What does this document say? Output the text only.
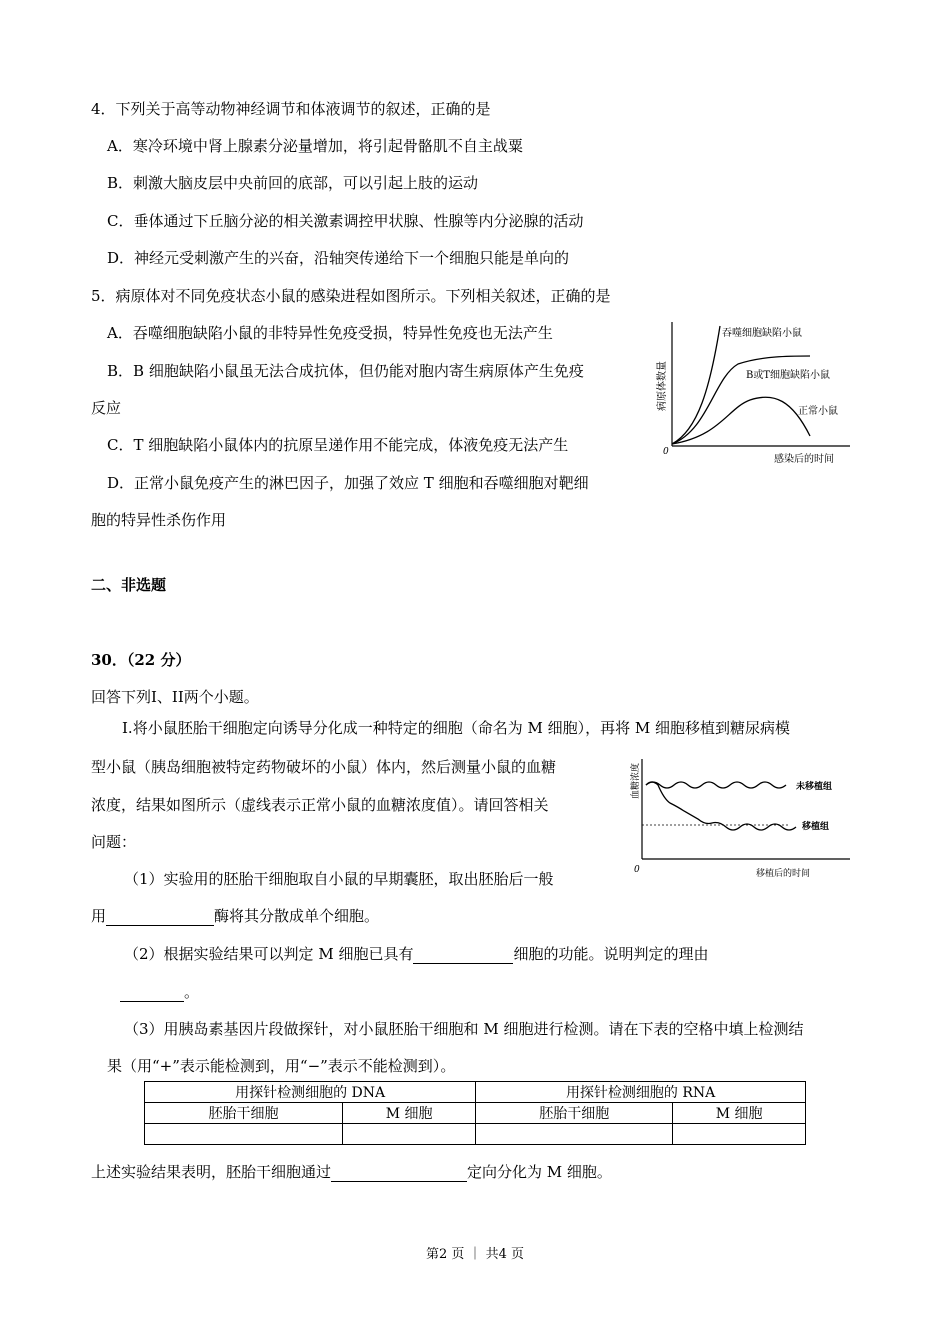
4．下列关于高等动物神经调节和体液调节的叙述，正确的是
A．寒冷环境中肾上腺素分泌量增加，将引起骨骼肌不自主战粟
B．刺激大脑皮层中央前回的底部，可以引起上肢的运动
C．垂体通过下丘脑分泌的相关激素调控甲状腺、性腺等内分泌腺的活动
D．神经元受刺激产生的兴奋，沿轴突传递给下一个细胞只能是单向的
5．病原体对不同免疫状态小鼠的感染进程如图所示。下列相关叙述，正确的是
A．吞噬细胞缺陷小鼠的非特异性免疫受损，特异性免疫也无法产生
B．B 细胞缺陷小鼠虽无法合成抗体，但仍能对胞内寄生病原体产生免疫
反应
C．T 细胞缺陷小鼠体内的抗原呈递作用不能完成，体液免疫无法产生
D．正常小鼠免疫产生的淋巴因子，加强了效应 T 细胞和吞噬细胞对靶细
胞的特异性杀伤作用
病原体数量
0
感染后的时间
吞噬细胞缺陷小鼠
B或T细胞缺陷小鼠
正常小鼠
二、非选题
30．（22 分）
回答下列I、II两个小题。
I.将小鼠胚胎干细胞定向诱导分化成一种特定的细胞（命名为 M 细胞），再将 M 细胞移植到糖尿病模
型小鼠（胰岛细胞被特定药物破坏的小鼠）体内，然后测量小鼠的血糖
浓度，结果如图所示（虚线表示正常小鼠的血糖浓度值）。请回答相关
问题：
血糖浓度
0	移植后的时间
未移植组
移植组
（1）实验用的胚胎干细胞取自小鼠的早期囊胚，取出胚胎后一般
用	酶将其分散成单个细胞。
（2）根据实验结果可以判定 M 细胞已具有	细胞的功能。说明判定的理由
。
（3）用胰岛素基因片段做探针，对小鼠胚胎干细胞和 M 细胞进行检测。请在下表的空格中填上检测结
果（用“+”表示能检测到，用“−”表示不能检测到）。
用探针检测细胞的 DNA		用探针检测细胞的 RNA	
胚胎干细胞	M 细胞	胚胎干细胞	M 细胞

上述实验结果表明，胚胎干细胞通过	定向分化为 M 细胞。
第2 页 ｜ 共4 页
